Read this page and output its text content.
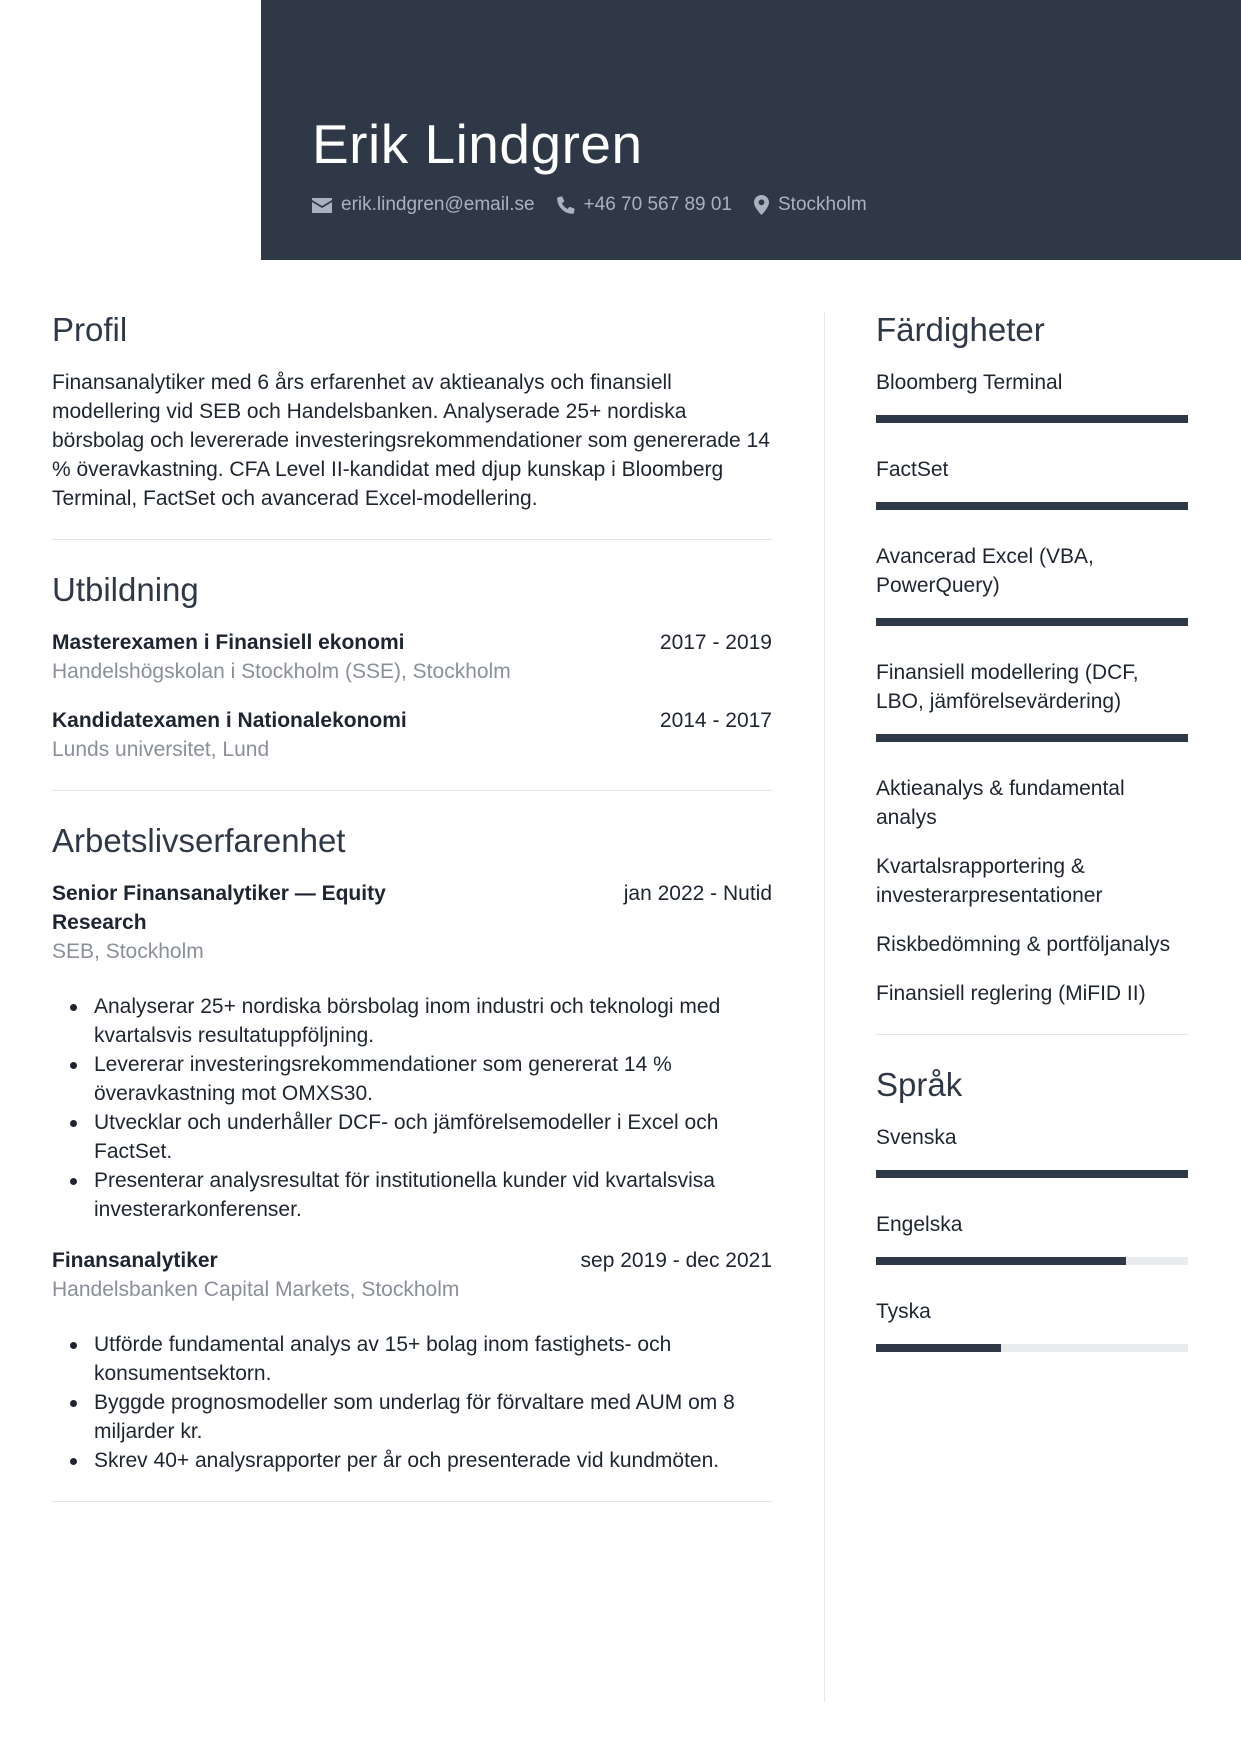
Erik Lindgren
erik.lindgren@email.se	+46 70 567 89 01 Stockholm
Profil

Finansanalytiker med 6 års erfarenhet av aktieanalys och finansiell modellering vid SEB och Handelsbanken. Analyserade 25+ nordiska börsbolag och levererade investeringsrekommendationer som genererade 14 % överavkastning. CFA Level II-kandidat med djup kunskap i Bloomberg Terminal, FactSet och avancerad Excel-modellering.

Utbildning
Masterexamen i Finansiell ekonomi	2017 - 2019
Handelshögskolan i Stockholm (SSE), Stockholm
Kandidatexamen i Nationalekonomi	2014 - 2017
Lunds universitet, Lund
Arbetslivserfarenhet
Senior Finansanalytiker — Equity Research
jan 2022 - Nutid
SEB, Stockholm
Analyserar 25+ nordiska börsbolag inom industri och teknologi med kvartalsvis resultatuppföljning.
Levererar investeringsrekommendationer som genererat 14 % överavkastning mot OMXS30.
Utvecklar och underhåller DCF- och jämförelsemodeller i Excel och FactSet.
Presenterar analysresultat för institutionella kunder vid kvartalsvisa investerarkonferenser.
Finansanalytiker	sep 2019 - dec 2021
Handelsbanken Capital Markets, Stockholm
Utförde fundamental analys av 15+ bolag inom fastighets- och konsumentsektorn.
Byggde prognosmodeller som underlag för förvaltare med AUM om 8 miljarder kr.
Skrev 40+ analysrapporter per år och presenterade vid kundmöten.
Färdigheter
Bloomberg Terminal
FactSet
Avancerad Excel (VBA, PowerQuery)
Finansiell modellering (DCF, LBO, jämförelsevärdering)
Aktieanalys & fundamental analys
Kvartalsrapportering & investerarpresentationer
Riskbedömning & portföljanalys
Finansiell reglering (MiFID II)
Språk
Svenska
Engelska
Tyska
